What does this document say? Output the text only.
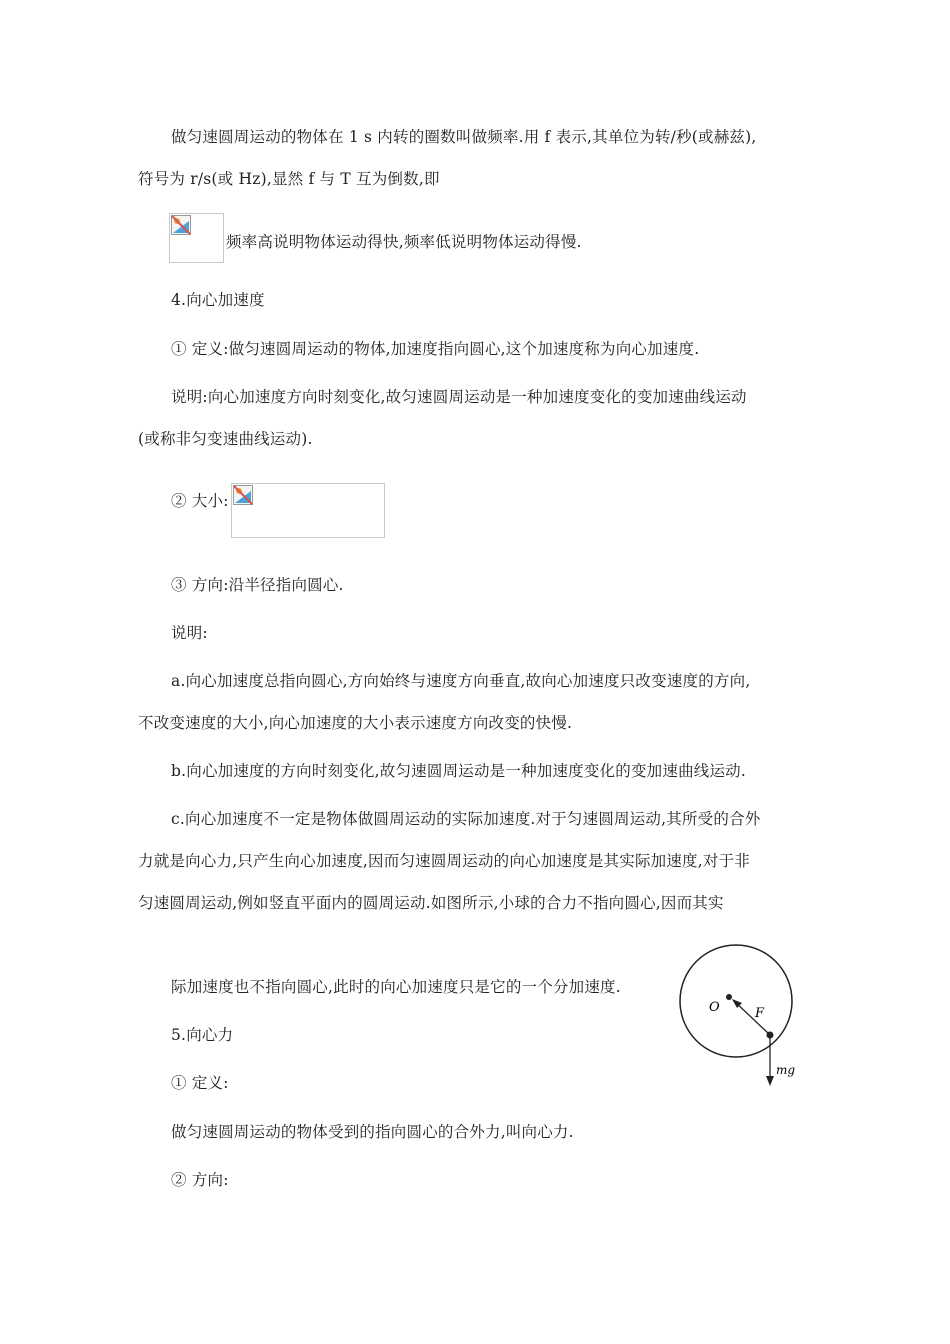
做匀速圆周运动的物体在 1 s 内转的圈数叫做频率.用 f 表示,其单位为转/秒(或赫兹),
符号为 r/s(或 Hz),显然 f 与 T 互为倒数,即
频率高说明物体运动得快,频率低说明物体运动得慢.
4.向心加速度
① 定义:做匀速圆周运动的物体,加速度指向圆心,这个加速度称为向心加速度.
说明:向心加速度方向时刻变化,故匀速圆周运动是一种加速度变化的变加速曲线运动
(或称非匀变速曲线运动).
② 大小:
③ 方向:沿半径指向圆心.
说明:
a.向心加速度总指向圆心,方向始终与速度方向垂直,故向心加速度只改变速度的方向,
不改变速度的大小,向心加速度的大小表示速度方向改变的快慢.
b.向心加速度的方向时刻变化,故匀速圆周运动是一种加速度变化的变加速曲线运动.
c.向心加速度不一定是物体做圆周运动的实际加速度.对于匀速圆周运动,其所受的合外
力就是向心力,只产生向心加速度,因而匀速圆周运动的向心加速度是其实际加速度,对于非
匀速圆周运动,例如竖直平面内的圆周运动.如图所示,小球的合力不指向圆心,因而其实
际加速度也不指向圆心,此时的向心加速度只是它的一个分加速度.
O	F
mg
5.向心力
① 定义:
做匀速圆周运动的物体受到的指向圆心的合外力,叫向心力.
② 方向:
